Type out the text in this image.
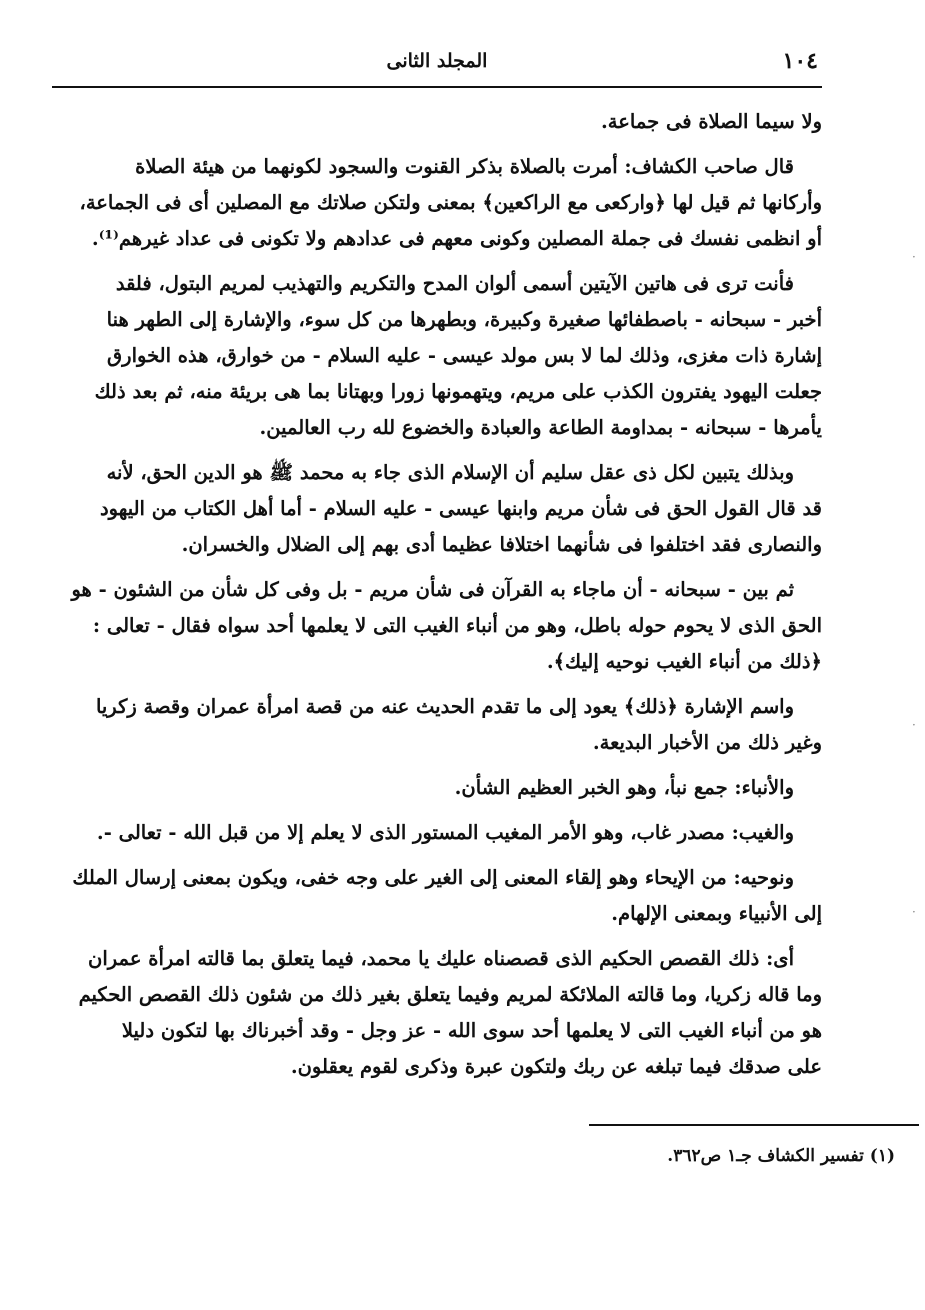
١٠٤
المجلد الثانى

ولا سيما الصلاة فى جماعة.

قال صاحب الكشاف: أمرت بالصلاة بذكر القنوت والسجود لكونهما من هيئة الصلاة
وأركانها ثم قيل لها ﴿واركعى مع الراكعين﴾ بمعنى ولتكن صلاتك مع المصلين أى فى الجماعة،
أو انظمى نفسك فى جملة المصلين وكونى معهم فى عدادهم ولا تكونى فى عداد غيرهم⁽¹⁾.

فأنت ترى فى هاتين الآيتين أسمى ألوان المدح والتكريم والتهذيب لمريم البتول، فلقد
أخبر - سبحانه - باصطفائها صغيرة وكبيرة، وبطهرها من كل سوء، والإشارة إلى الطهر هنا
إشارة ذات مغزى، وذلك لما لا بس مولد عيسى - عليه السلام - من خوارق، هذه الخوارق
جعلت اليهود يفترون الكذب على مريم، ويتهمونها زورا وبهتانا بما هى بريئة منه، ثم بعد ذلك
يأمرها - سبحانه - بمداومة الطاعة والعبادة والخضوع لله رب العالمين.

وبذلك يتبين لكل ذى عقل سليم أن الإسلام الذى جاء به محمد ﷺ هو الدين الحق، لأنه
قد قال القول الحق فى شأن مريم وابنها عيسى - عليه السلام - أما أهل الكتاب من اليهود
والنصارى فقد اختلفوا فى شأنهما اختلافا عظيما أدى بهم إلى الضلال والخسران.

ثم بين - سبحانه - أن ماجاء به القرآن فى شأن مريم - بل وفى كل شأن من الشئون - هو
الحق الذى لا يحوم حوله باطل، وهو من أنباء الغيب التى لا يعلمها أحد سواه فقال - تعالى :
﴿ذلك من أنباء الغيب نوحيه إليك﴾.

واسم الإشارة ﴿ذلك﴾ يعود إلى ما تقدم الحديث عنه من قصة امرأة عمران وقصة زكريا
وغير ذلك من الأخبار البديعة.

والأنباء: جمع نبأ، وهو الخبر العظيم الشأن.

والغيب: مصدر غاب، وهو الأمر المغيب المستور الذى لا يعلم إلا من قبل الله - تعالى -.

ونوحيه: من الإيحاء وهو إلقاء المعنى إلى الغير على وجه خفى، ويكون بمعنى إرسال الملك
إلى الأنبياء وبمعنى الإلهام.

أى: ذلك القصص الحكيم الذى قصصناه عليك يا محمد، فيما يتعلق بما قالته امرأة عمران
وما قاله زكريا، وما قالته الملائكة لمريم وفيما يتعلق بغير ذلك من شئون ذلك القصص الحكيم
هو من أنباء الغيب التى لا يعلمها أحد سوى الله - عز وجل - وقد أخبرناك بها لتكون دليلا
على صدقك فيما تبلغه عن ربك ولتكون عبرة وذكرى لقوم يعقلون.

(١) تفسير الكشاف جـ١ ص٣٦٢.
·
·
·
